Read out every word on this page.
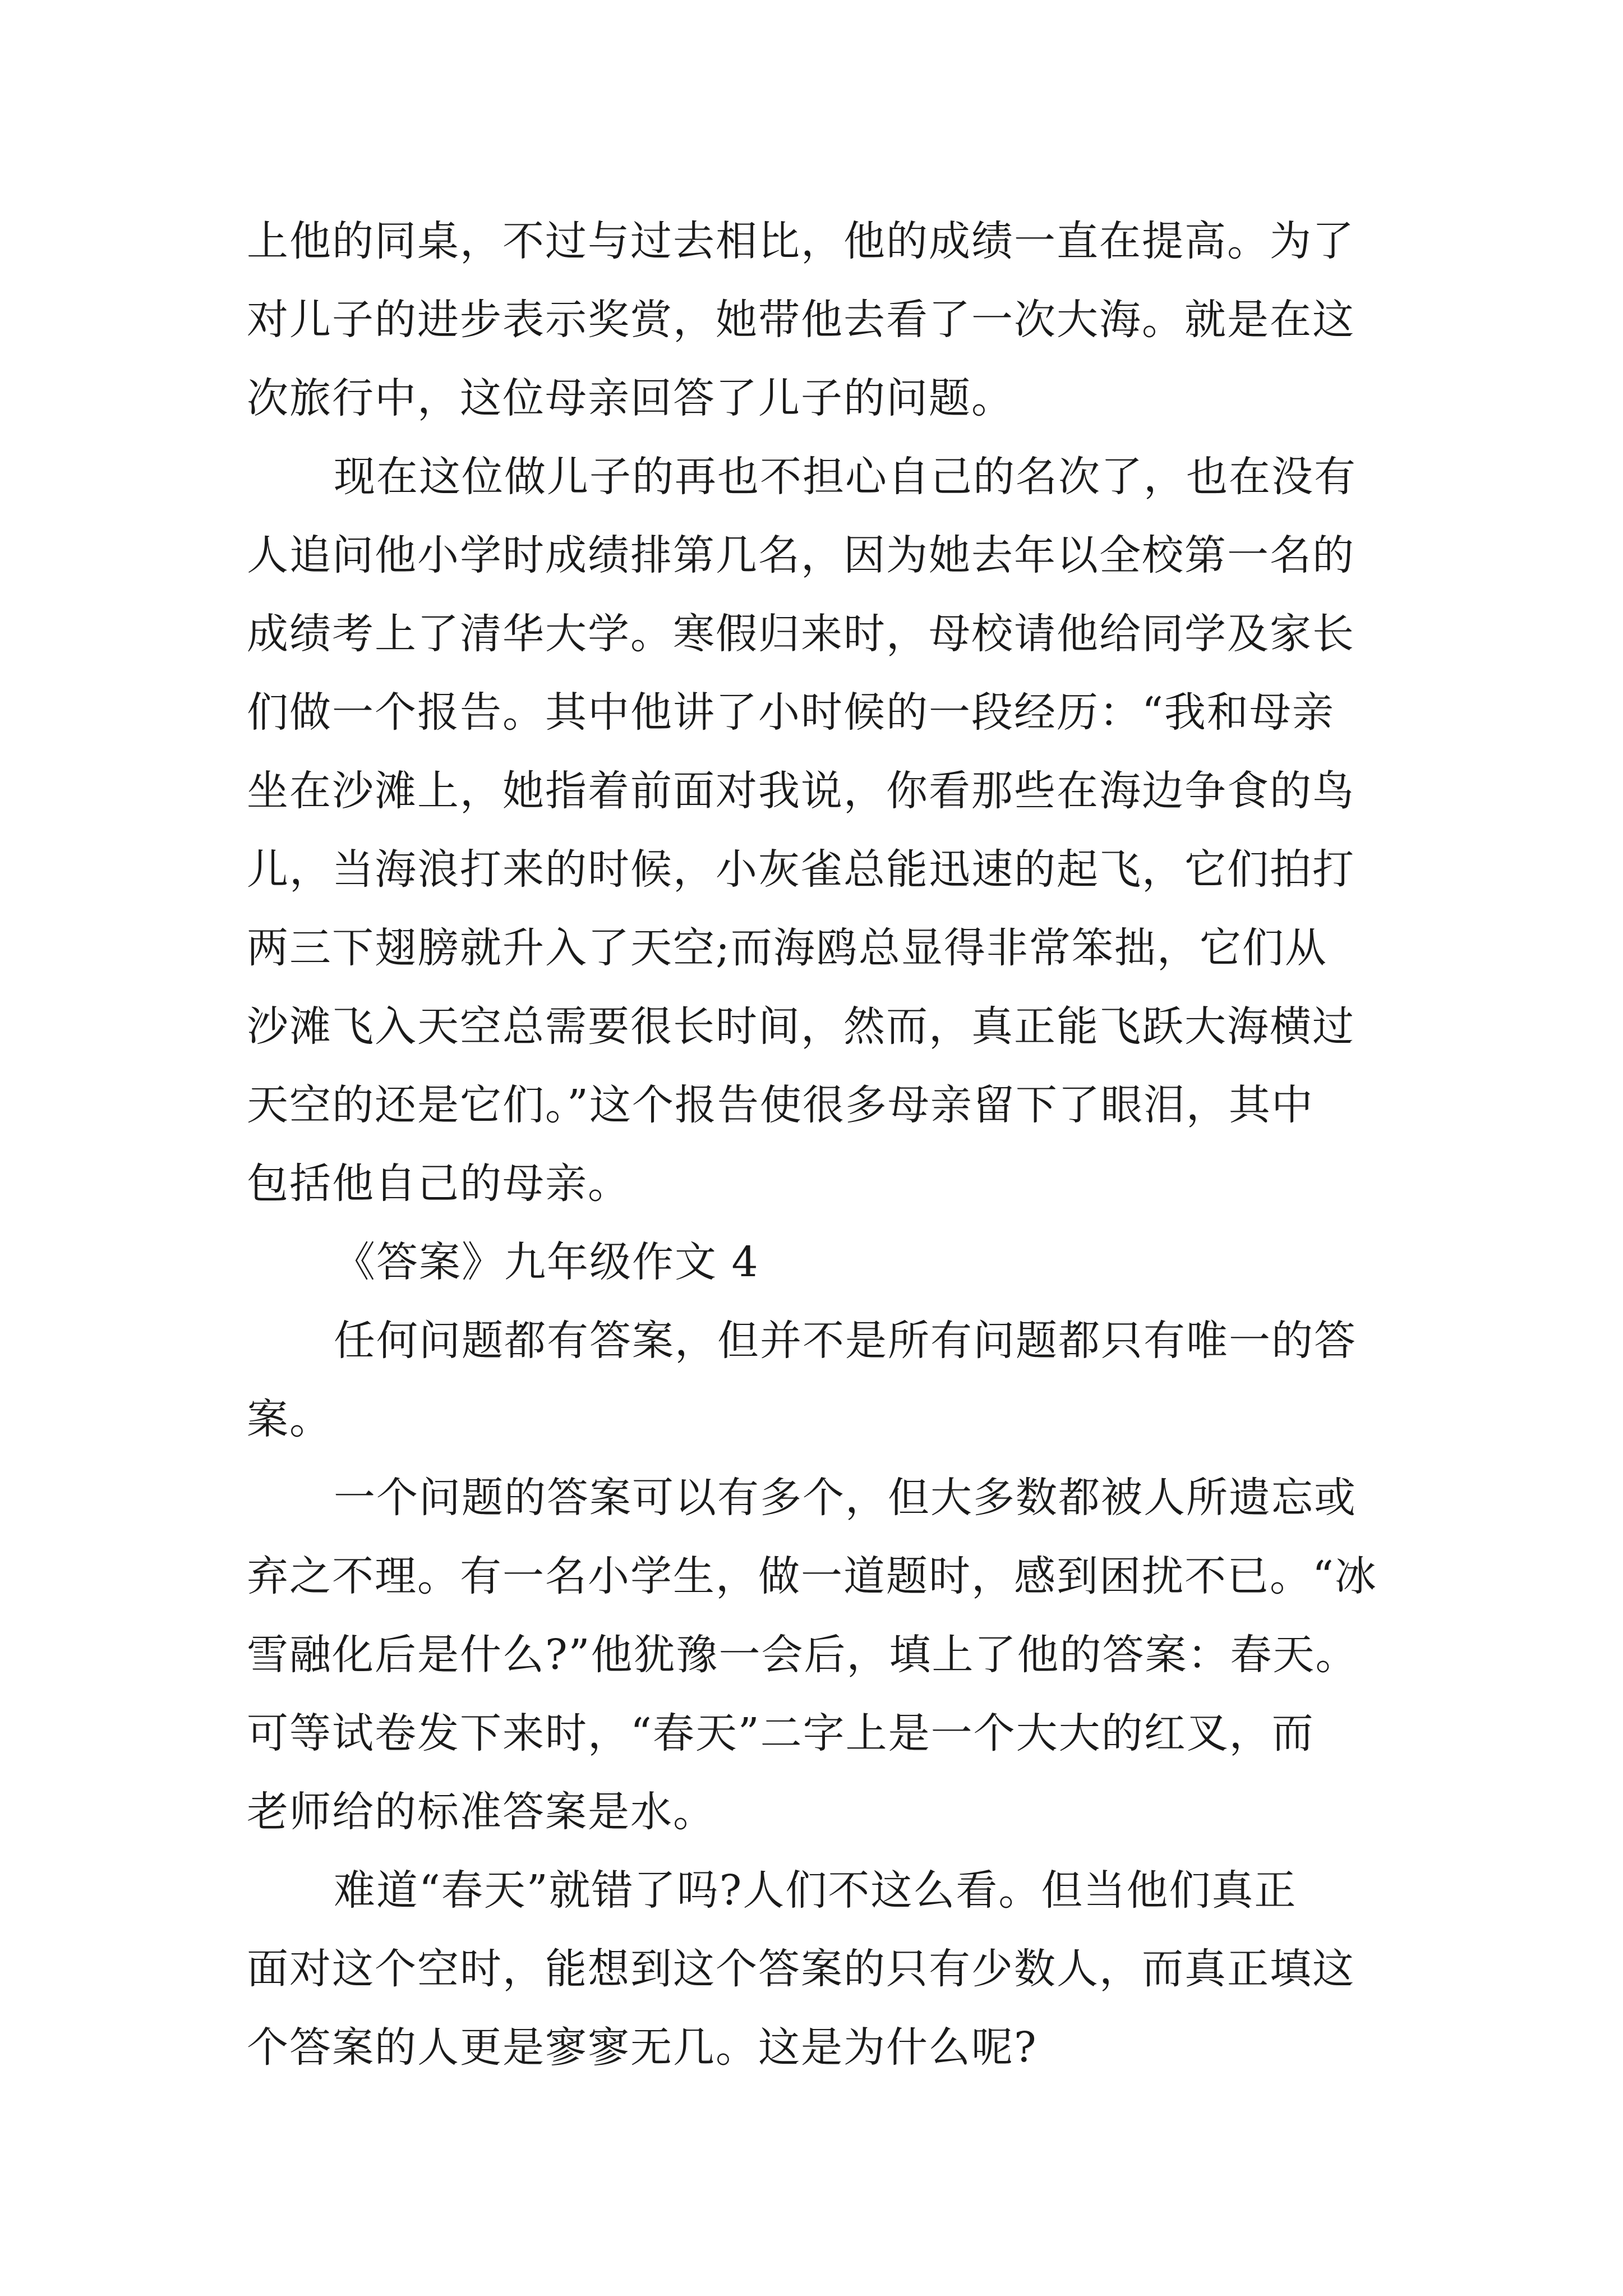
上他的同桌，不过与过去相比，他的成绩一直在提高。为了
对儿子的进步表示奖赏，她带他去看了一次大海。就是在这
次旅行中，这位母亲回答了儿子的问题。
现在这位做儿子的再也不担心自己的名次了，也在没有
人追问他小学时成绩排第几名，因为她去年以全校第一名的
成绩考上了清华大学。寒假归来时，母校请他给同学及家长
们做一个报告。其中他讲了小时候的一段经历：“我和母亲
坐在沙滩上，她指着前面对我说，你看那些在海边争食的鸟
儿，当海浪打来的时候，小灰雀总能迅速的起飞，它们拍打
两三下翅膀就升入了天空;而海鸥总显得非常笨拙，它们从
沙滩飞入天空总需要很长时间，然而，真正能飞跃大海横过
天空的还是它们。”这个报告使很多母亲留下了眼泪，其中
包括他自己的母亲。
《答案》九年级作文 4
任何问题都有答案，但并不是所有问题都只有唯一的答
案。
一个问题的答案可以有多个，但大多数都被人所遗忘或
弃之不理。有一名小学生，做一道题时，感到困扰不已。“冰
雪融化后是什么?”他犹豫一会后，填上了他的答案：春天。
可等试卷发下来时，“春天”二字上是一个大大的红叉，而
老师给的标准答案是水。
难道“春天”就错了吗?人们不这么看。但当他们真正
面对这个空时，能想到这个答案的只有少数人，而真正填这
个答案的人更是寥寥无几。这是为什么呢?
